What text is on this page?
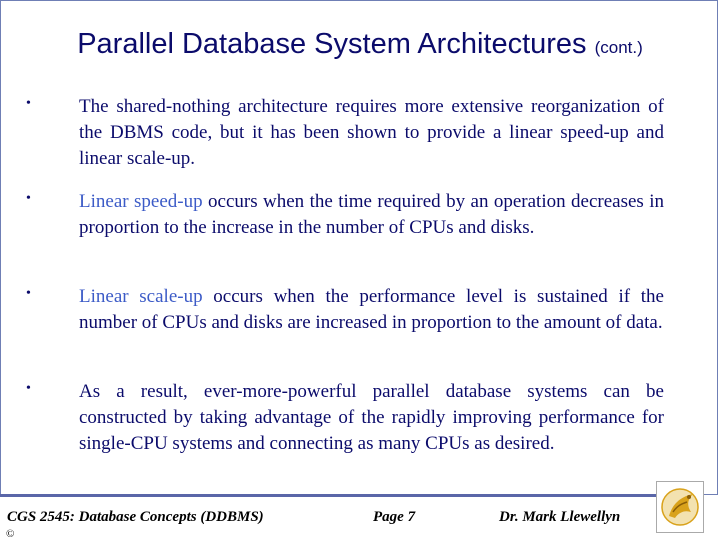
Parallel Database System Architectures (cont.)
•	The shared-nothing architecture requires more extensive reorganization of the DBMS code, but it has been shown to provide a linear speed-up and linear scale-up.
•	Linear speed-up occurs when the time required by an operation decreases in proportion to the increase in the number of CPUs and disks.
•	Linear scale-up occurs when the performance level is sustained if the number of CPUs and disks are increased in proportion to the amount of data.
•	As a result, ever-more-powerful parallel database systems can be constructed by taking advantage of the rapidly improving performance for single-CPU systems and connecting as many CPUs as desired.
CGS 2545: Database Concepts (DDBMS)	Page 7	Dr. Mark Llewellyn
©
